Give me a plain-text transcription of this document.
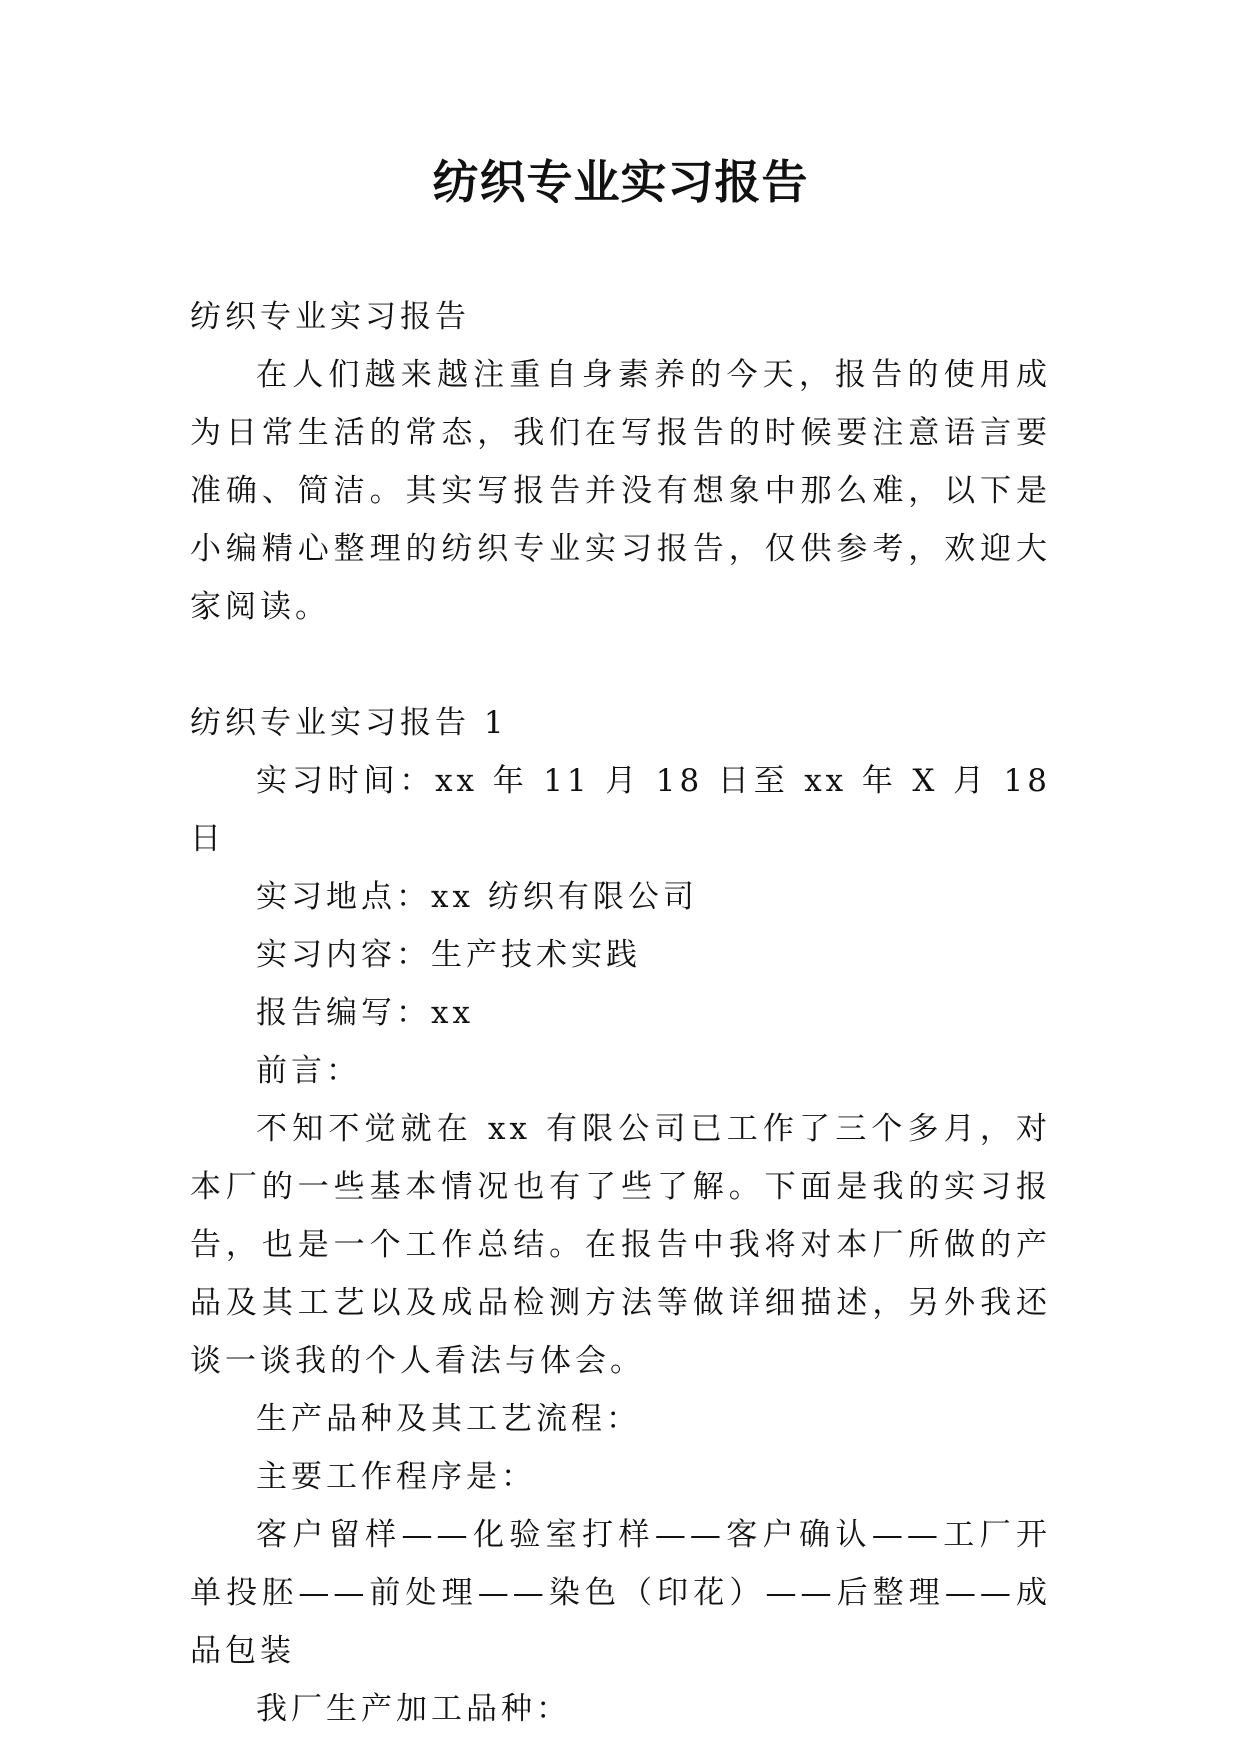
纺织专业实习报告

纺织专业实习报告

在人们越来越注重自身素养的今天，报告的使用成为日常生活的常态，我们在写报告的时候要注意语言要准确、简洁。其实写报告并没有想象中那么难，以下是小编精心整理的纺织专业实习报告，仅供参考，欢迎大家阅读。

纺织专业实习报告 1

实习时间：xx 年 11 月 18 日至 xx 年 X 月 18 日

实习地点：xx 纺织有限公司

实习内容：生产技术实践

报告编写：xx

前言：

不知不觉就在 xx 有限公司已工作了三个多月，对本厂的一些基本情况也有了些了解。下面是我的实习报告，也是一个工作总结。在报告中我将对本厂所做的产品及其工艺以及成品检测方法等做详细描述，另外我还谈一谈我的个人看法与体会。

生产品种及其工艺流程：

主要工作程序是：

客户留样——化验室打样——客户确认——工厂开单投胚——前处理——染色（印花）——后整理——成品包装

我厂生产加工品种：
